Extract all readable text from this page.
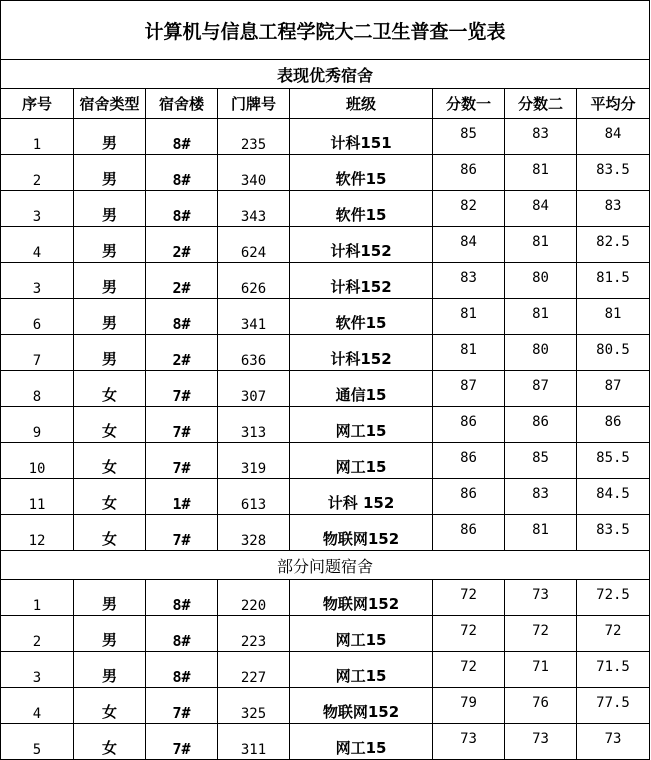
计算机与信息工程学院大二卫生普查一览表							
表现优秀宿舍							
序号	宿舍类型	宿舍楼	门牌号	班级	分数一	分数二	平均分
1	男	8#	235	计科151	85	83	84
2	男	8#	340	软件15	86	81	83.5
3	男	8#	343	软件15	82	84	83
4	男	2#	624	计科152	84	81	82.5
3	男	2#	626	计科152	83	80	81.5
6	男	8#	341	软件15	81	81	81
7	男	2#	636	计科152	81	80	80.5
8	女	7#	307	通信15	87	87	87
9	女	7#	313	网工15	86	86	86
10	女	7#	319	网工15	86	85	85.5
11	女	1#	613	计科 152	86	83	84.5
12	女	7#	328	物联网152	86	81	83.5
部分问题宿舍							
1	男	8#	220	物联网152	72	73	72.5
2	男	8#	223	网工15	72	72	72
3	男	8#	227	网工15	72	71	71.5
4	女	7#	325	物联网152	79	76	77.5
5	女	7#	311	网工15	73	73	73
